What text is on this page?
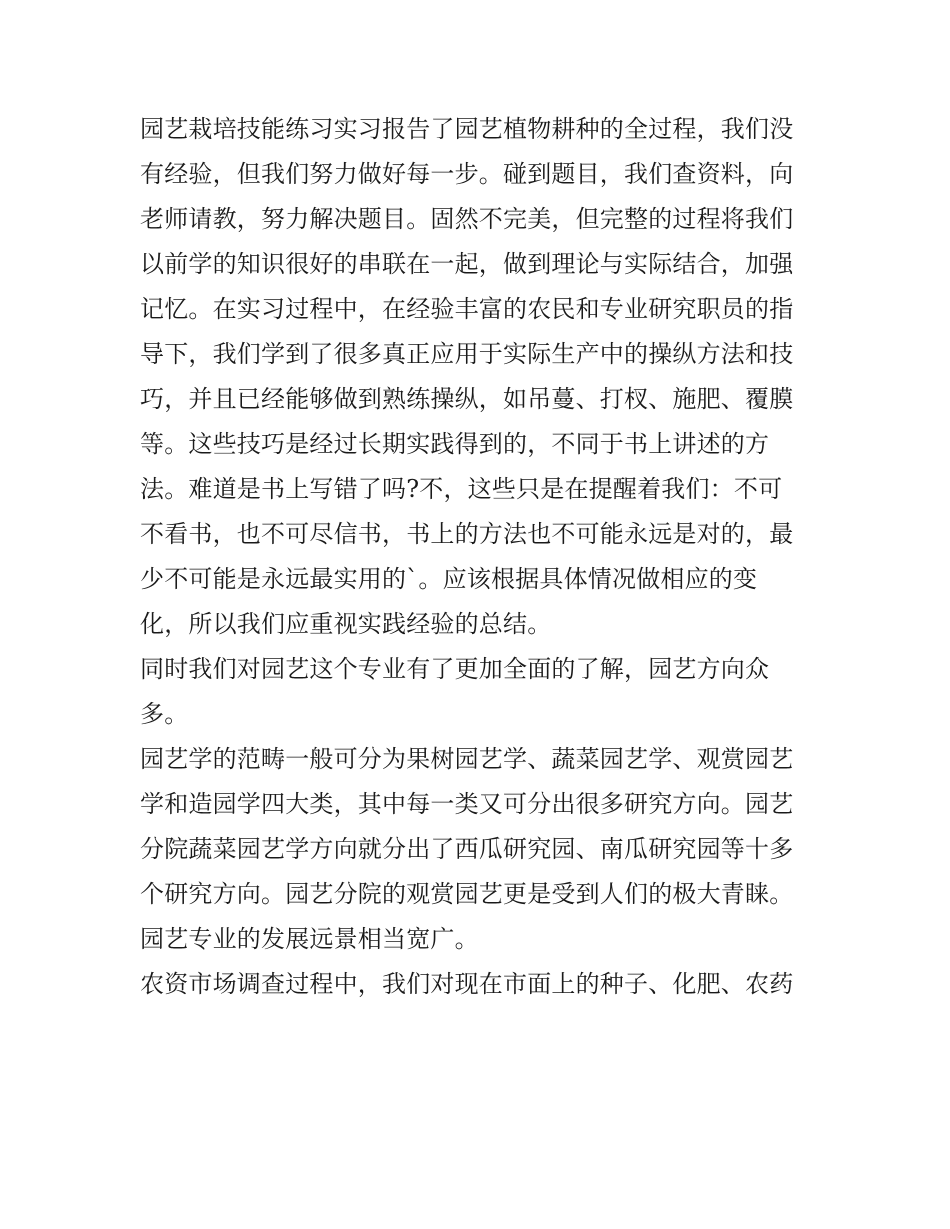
园艺栽培技能练习实习报告了园艺植物耕种的全过程，我们没
有经验，但我们努力做好每一步。碰到题目，我们查资料，向
老师请教，努力解决题目。固然不完美，但完整的过程将我们
以前学的知识很好的串联在一起，做到理论与实际结合，加强
记忆。在实习过程中，在经验丰富的农民和专业研究职员的指
导下，我们学到了很多真正应用于实际生产中的操纵方法和技
巧，并且已经能够做到熟练操纵，如吊蔓、打杈、施肥、覆膜
等。这些技巧是经过长期实践得到的，不同于书上讲述的方
法。难道是书上写错了吗?不，这些只是在提醒着我们：不可
不看书，也不可尽信书，书上的方法也不可能永远是对的，最
少不可能是永远最实用的`。应该根据具体情况做相应的变
化，所以我们应重视实践经验的总结。
同时我们对园艺这个专业有了更加全面的了解，园艺方向众
多。
园艺学的范畴一般可分为果树园艺学、蔬菜园艺学、观赏园艺
学和造园学四大类，其中每一类又可分出很多研究方向。园艺
分院蔬菜园艺学方向就分出了西瓜研究园、南瓜研究园等十多
个研究方向。园艺分院的观赏园艺更是受到人们的极大青睐。
园艺专业的发展远景相当宽广。
农资市场调查过程中，我们对现在市面上的种子、化肥、农药
